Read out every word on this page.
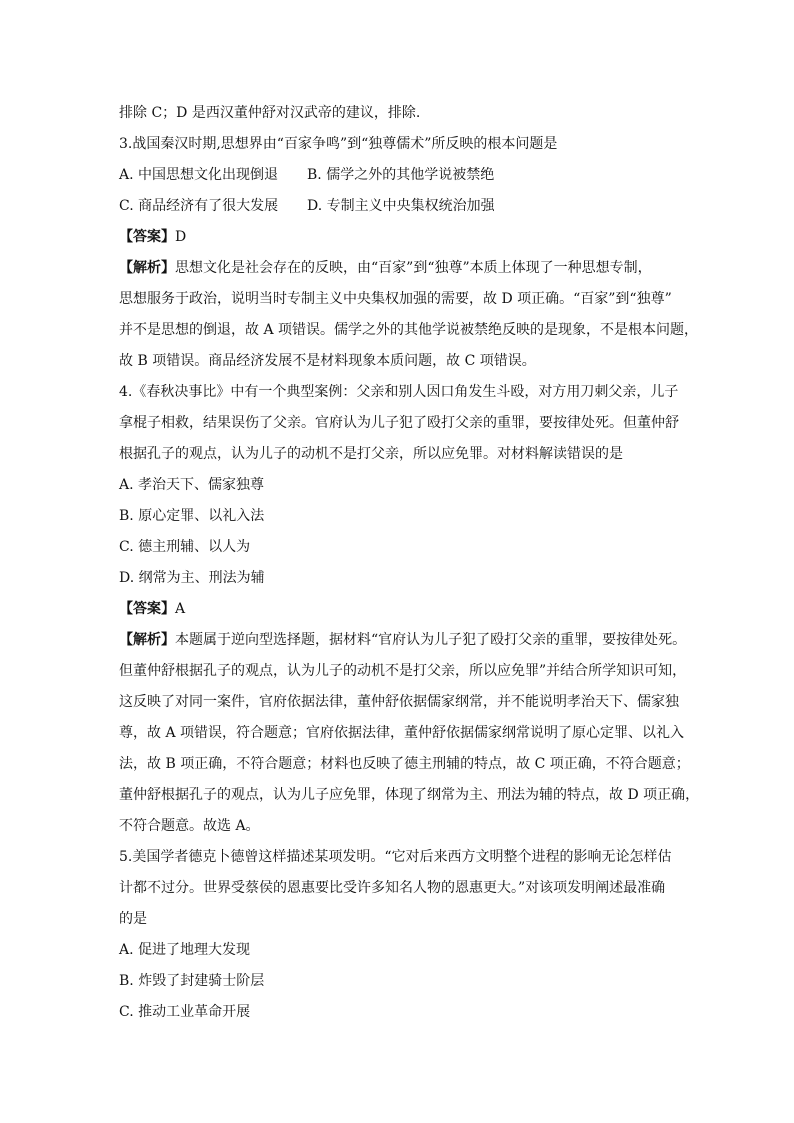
排除 C；D 是西汉董仲舒对汉武帝的建议，排除.
3.战国秦汉时期,思想界由“百家争鸣”到“独尊儒术”所反映的根本问题是
A. 中国思想文化出现倒退	B. 儒学之外的其他学说被禁绝
C. 商品经济有了很大发展	D. 专制主义中央集权统治加强
【答案】D
【解析】思想文化是社会存在的反映，由“百家”到“独尊”本质上体现了一种思想专制，
思想服务于政治，说明当时专制主义中央集权加强的需要，故 D 项正确。“百家”到“独尊”
并不是思想的倒退，故 A 项错误。儒学之外的其他学说被禁绝反映的是现象，不是根本问题，
故 B 项错误。商品经济发展不是材料现象本质问题，故 C 项错误。
4.《春秋决事比》中有一个典型案例：父亲和别人因口角发生斗殴，对方用刀刺父亲，儿子
拿棍子相救，结果误伤了父亲。官府认为儿子犯了殴打父亲的重罪，要按律处死。但董仲舒
根据孔子的观点，认为儿子的动机不是打父亲，所以应免罪。对材料解读错误的是
A. 孝治天下、儒家独尊
B. 原心定罪、以礼入法
C. 德主刑辅、以人为
D. 纲常为主、刑法为辅
【答案】A
【解析】本题属于逆向型选择题，据材料“官府认为儿子犯了殴打父亲的重罪，要按律处死。
但董仲舒根据孔子的观点，认为儿子的动机不是打父亲，所以应免罪”并结合所学知识可知，
这反映了对同一案件，官府依据法律，董仲舒依据儒家纲常，并不能说明孝治天下、儒家独
尊，故 A 项错误，符合题意；官府依据法律，董仲舒依据儒家纲常说明了原心定罪、以礼入
法，故 B 项正确，不符合题意；材料也反映了德主刑辅的特点，故 C 项正确，不符合题意；
董仲舒根据孔子的观点，认为儿子应免罪，体现了纲常为主、刑法为辅的特点，故 D 项正确，
不符合题意。故选 A。
5.美国学者德克卜德曾这样描述某项发明。“它对后来西方文明整个进程的影响无论怎样估
计都不过分。世界受蔡侯的恩惠要比受许多知名人物的恩惠更大。”对该项发明阐述最准确
的是
A. 促进了地理大发现
B. 炸毁了封建骑士阶层
C. 推动工业革命开展
